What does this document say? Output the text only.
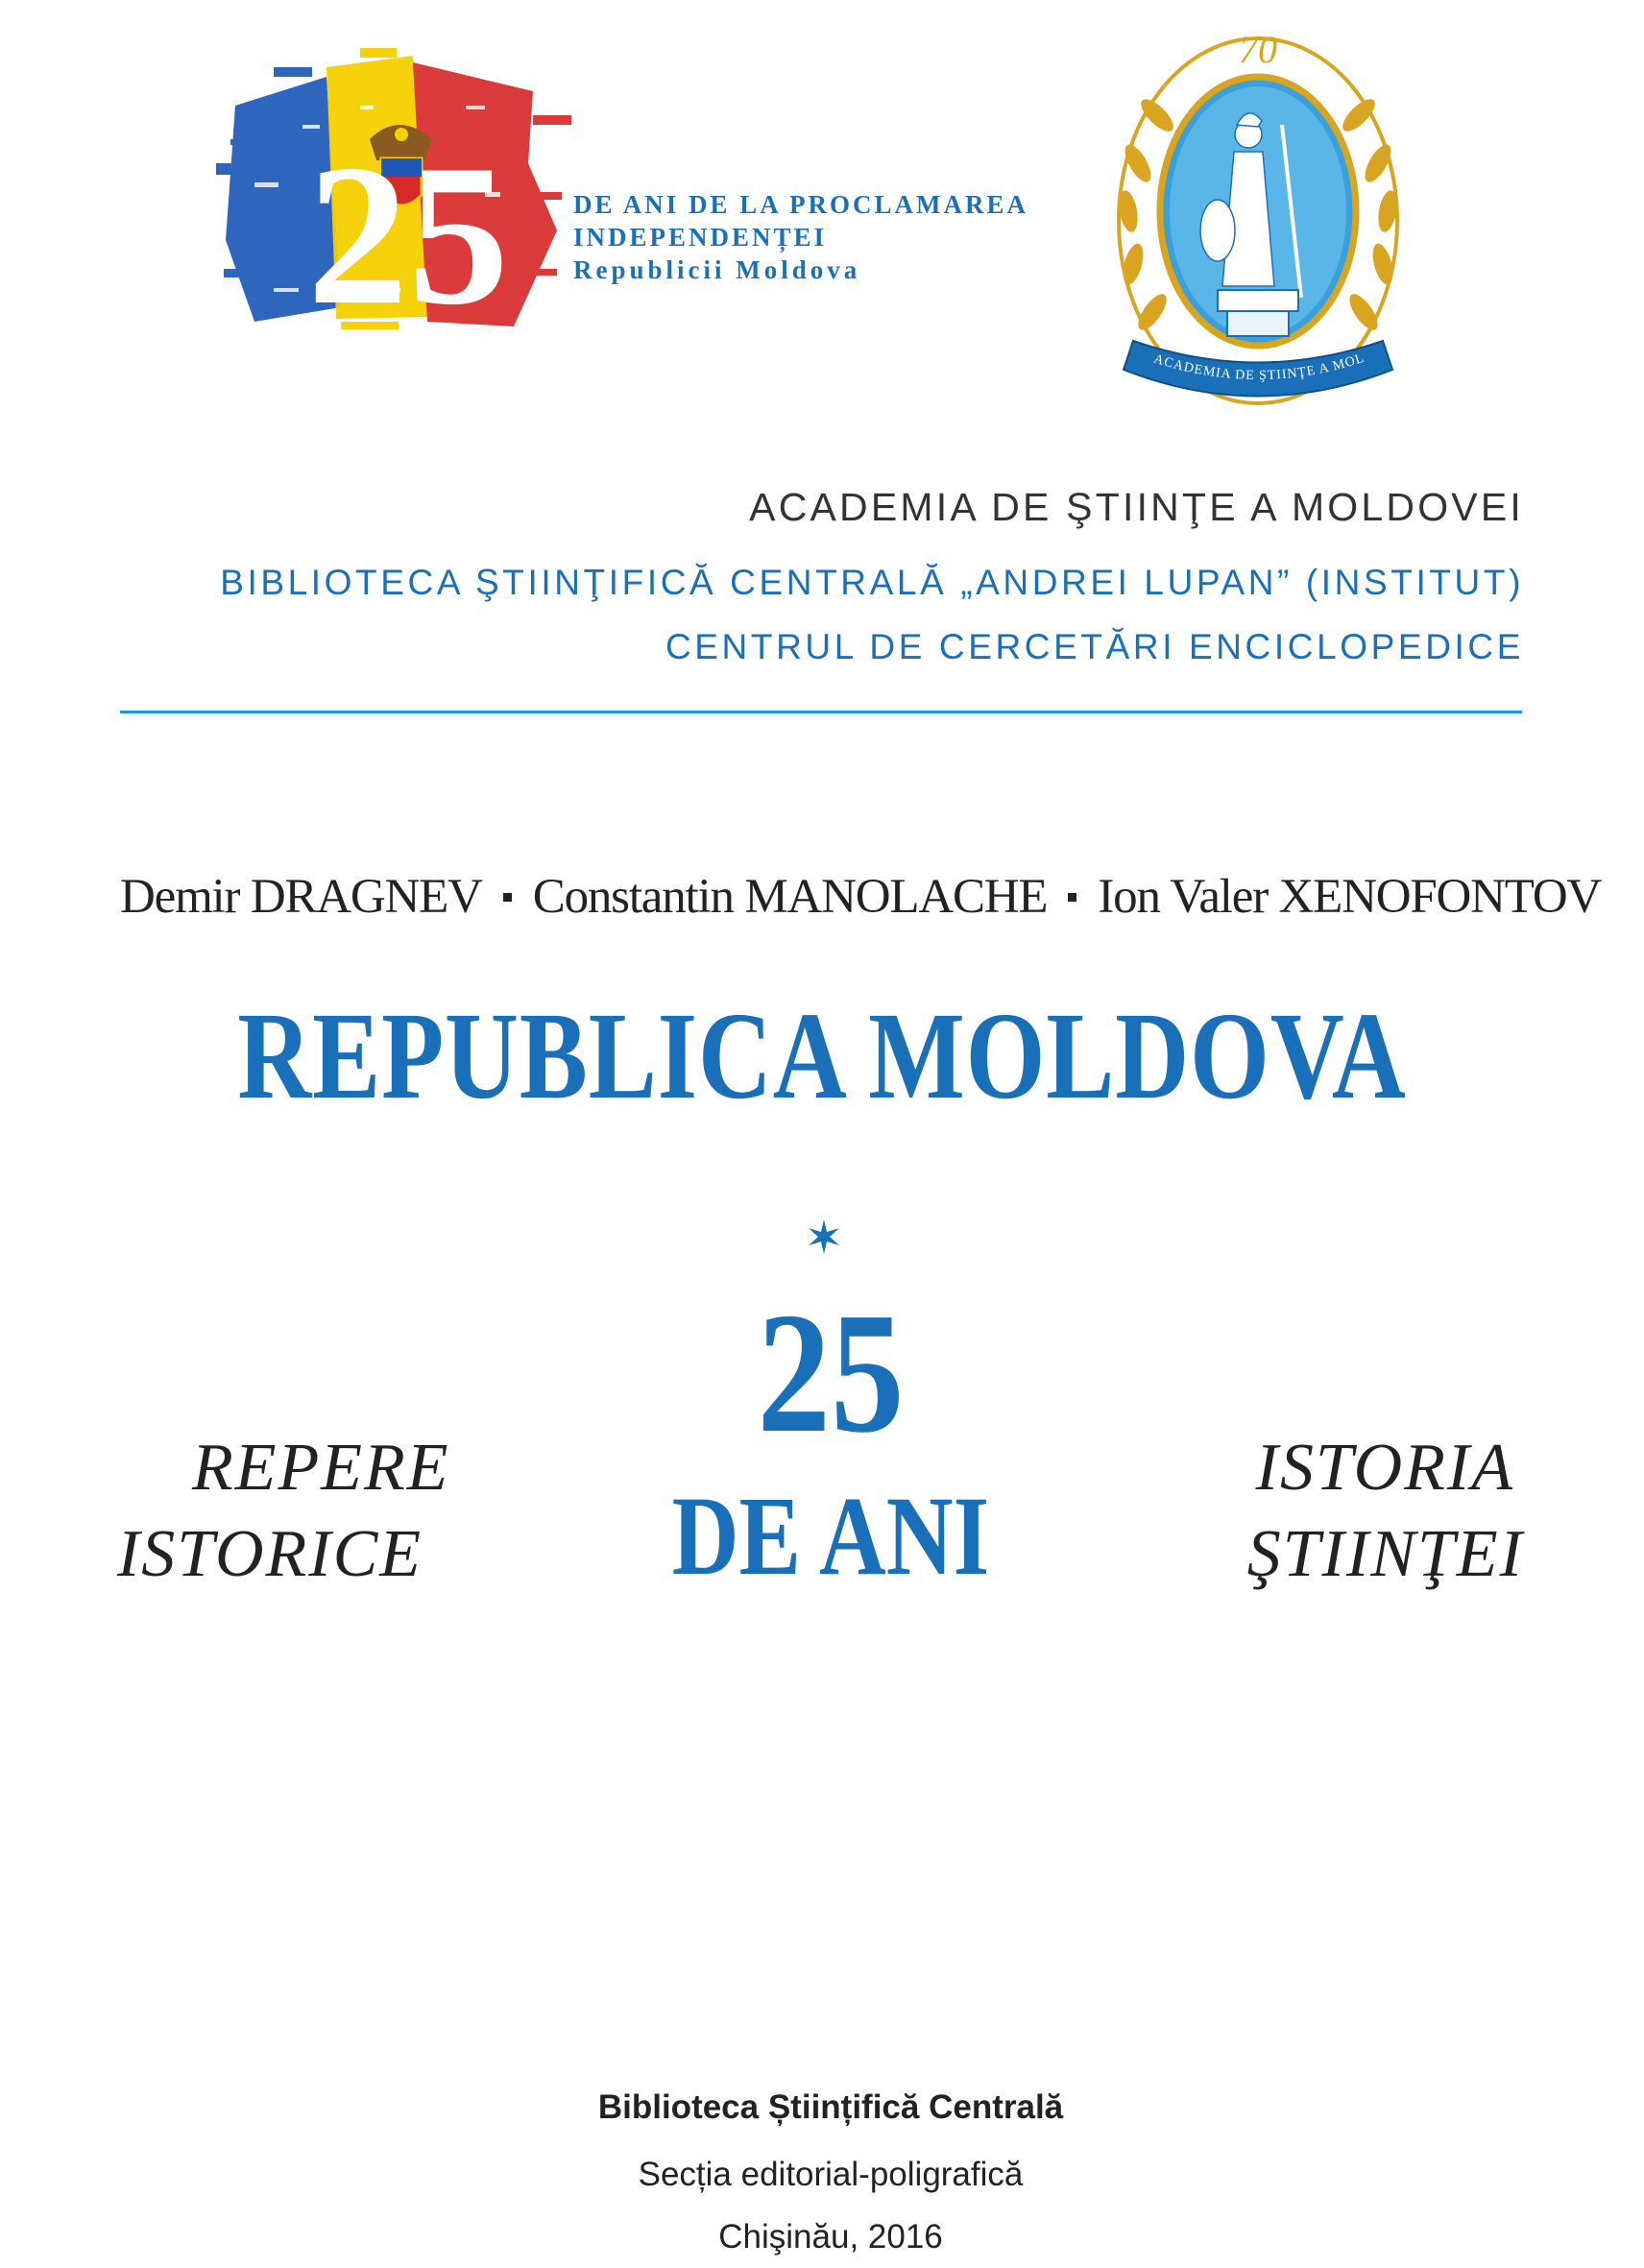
25 DE ANI DE LA PROCLAMAREA
INDEPENDENȚEI
Republicii Moldova
70
ACADEMIA DE ŞTIINŢE A MOL
ACADEMIA DE ŞTIINŢE A MOLDOVEI
BIBLIOTECA ŞTIINŢIFICĂ CENTRALĂ „ANDREI LUPAN” (INSTITUT)
CENTRUL DE CERCETĂRI ENCICLOPEDICE
Demir DRAGNEV Constantin MANOLACHE Ion Valer XENOFONTOV
REPUBLICA MOLDOVA
25
DE ANI
REPERE
ISTORICE
ISTORIA
ŞTIINŢEI
Biblioteca Științifică Centrală
Secția editorial-poligrafică
Chişinău, 2016
